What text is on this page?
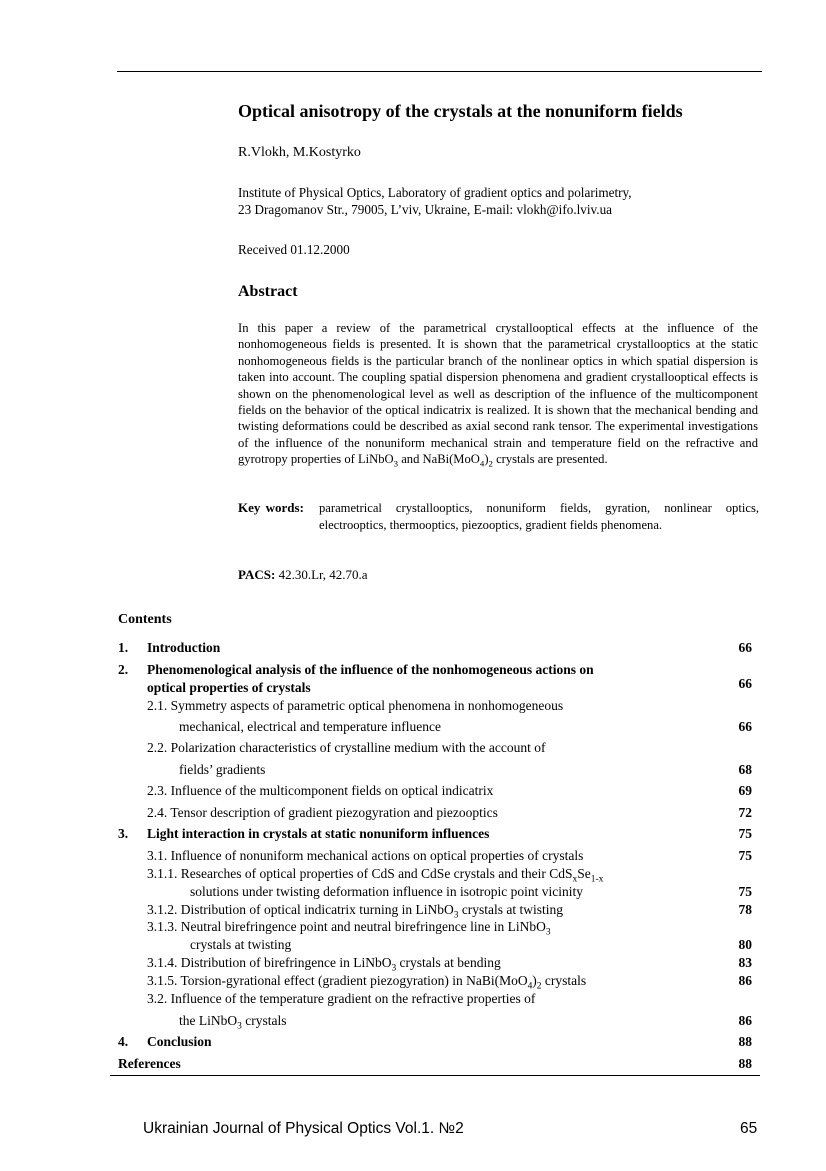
Optical anisotropy of the crystals at the nonuniform fields
R.Vlokh, M.Kostyrko
Institute of Physical Optics, Laboratory of gradient optics and polarimetry,
23 Dragomanov Str., 79005, L’viv, Ukraine, E-mail: vlokh@ifo.lviv.ua
Received 01.12.2000
Abstract

In this paper a review of the parametrical crystallooptical effects at the influence of the nonhomogeneous fields is presented. It is shown that the parametrical crystallooptics at the static nonhomogeneous fields is the particular branch of the nonlinear optics in which spatial dispersion is taken into account. The coupling spatial dispersion phenomena and gradient crystallooptical effects is shown on the phenomenological level as well as description of the influence of the multicomponent fields on the behavior of the optical indicatrix is realized. It is shown that the mechanical bending and twisting deformations could be described as axial second rank tensor. The experimental investigations of the influence of the nonuniform mechanical strain and temperature field on the refractive and gyrotropy properties of LiNbO$_3$ and $NaBi(MoO_4)_2$ crystals are presented.

Key words: parametrical crystallooptics, nonuniform fields, gyration, nonlinear optics, electrooptics, thermooptics, piezooptics, gradient fields phenomena.
PACS: 42.30.Lr, 42.70.a
Contents
1. Introduction	66
2. Phenomenological analysis of the influence of the nonhomogeneous actions on
optical properties of crystals	66
2.1. Symmetry aspects of parametric optical phenomena in nonhomogeneous
mechanical, electrical and temperature influence	66
2.2. Polarization characteristics of crystalline medium with the account of
fields’ gradients	68
2.3. Influence of the multicomponent fields on optical indicatrix	69
2.4. Tensor description of gradient piezogyration and piezooptics	72
3. Light interaction in crystals at static nonuniform influences	75
3.1. Influence of nonuniform mechanical actions on optical properties of crystals	75
3.1.1. Researches of optical properties of CdS and CdSe crystals and their $CdS_xSe_{1-x}$
solutions under twisting deformation influence in isotropic point vicinity	75
3.1.2. Distribution of optical indicatrix turning in LiNbO$_3$ crystals at twisting	78
3.1.3. Neutral birefringence point and neutral birefringence line in LiNbO$_3$
crystals at twisting	80
3.1.4. Distribution of birefringence in LiNbO$_3$ crystals at bending	83
3.1.5. Torsion-gyrational effect (gradient piezogyration) in $NaBi(MoO_4)_2$ crystals	86
3.2. Influence of the temperature gradient on the refractive properties of
the LiNbO$_3$ crystals	86
4. Conclusion	88
References	88
Ukrainian Journal of Physical Optics Vol.1. №2	65
